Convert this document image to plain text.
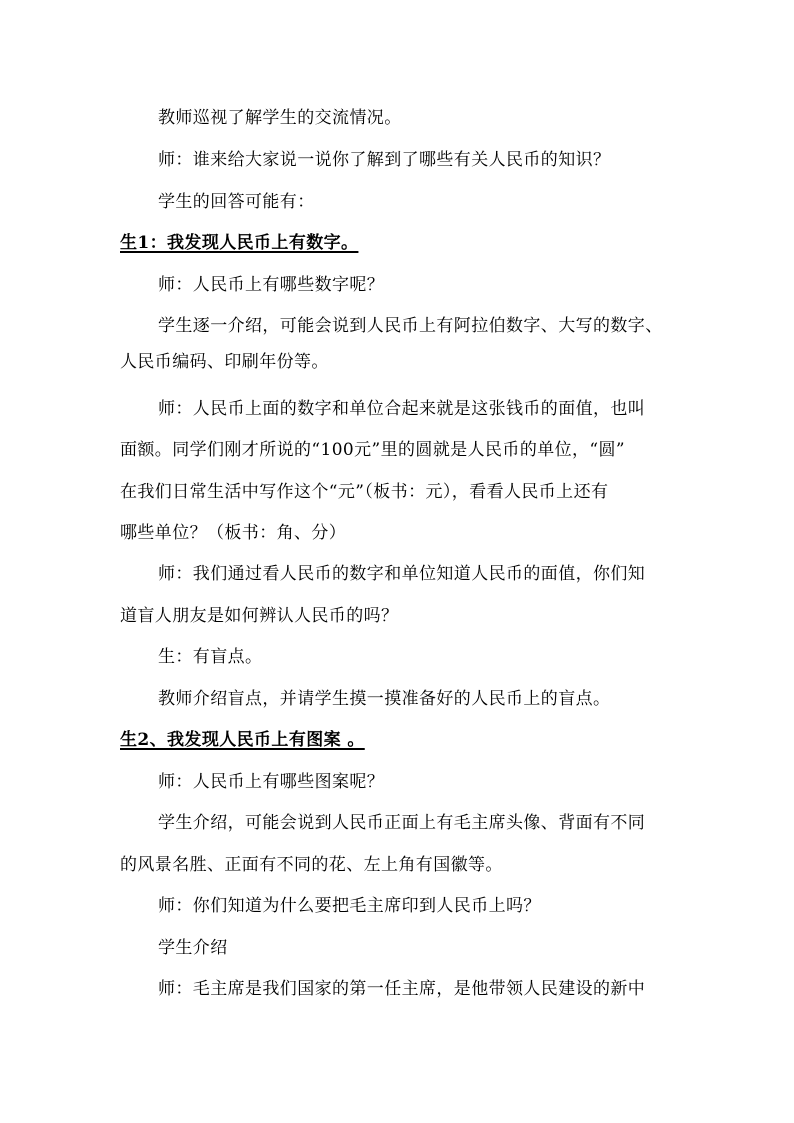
教师巡视了解学生的交流情况。
师：谁来给大家说一说你了解到了哪些有关人民币的知识？
学生的回答可能有：
生1：我发现人民币上有数字。
师：人民币上有哪些数字呢？
学生逐一介绍，可能会说到人民币上有阿拉伯数字、大写的数字、
人民币编码、印刷年份等。
师：人民币上面的数字和单位合起来就是这张钱币的面值，也叫
面额。同学们刚才所说的“100元”里的圆就是人民币的单位，“圆”
在我们日常生活中写作这个“元”（板书：元），看看人民币上还有
哪些单位？（板书：角、分）
师：我们通过看人民币的数字和单位知道人民币的面值，你们知
道盲人朋友是如何辨认人民币的吗？
生：有盲点。
教师介绍盲点，并请学生摸一摸准备好的人民币上的盲点。
生2、我发现人民币上有图案 。
师：人民币上有哪些图案呢？
学生介绍，可能会说到人民币正面上有毛主席头像、背面有不同
的风景名胜、正面有不同的花、左上角有国徽等。
师：你们知道为什么要把毛主席印到人民币上吗？
学生介绍
师：毛主席是我们国家的第一任主席，是他带领人民建设的新中
